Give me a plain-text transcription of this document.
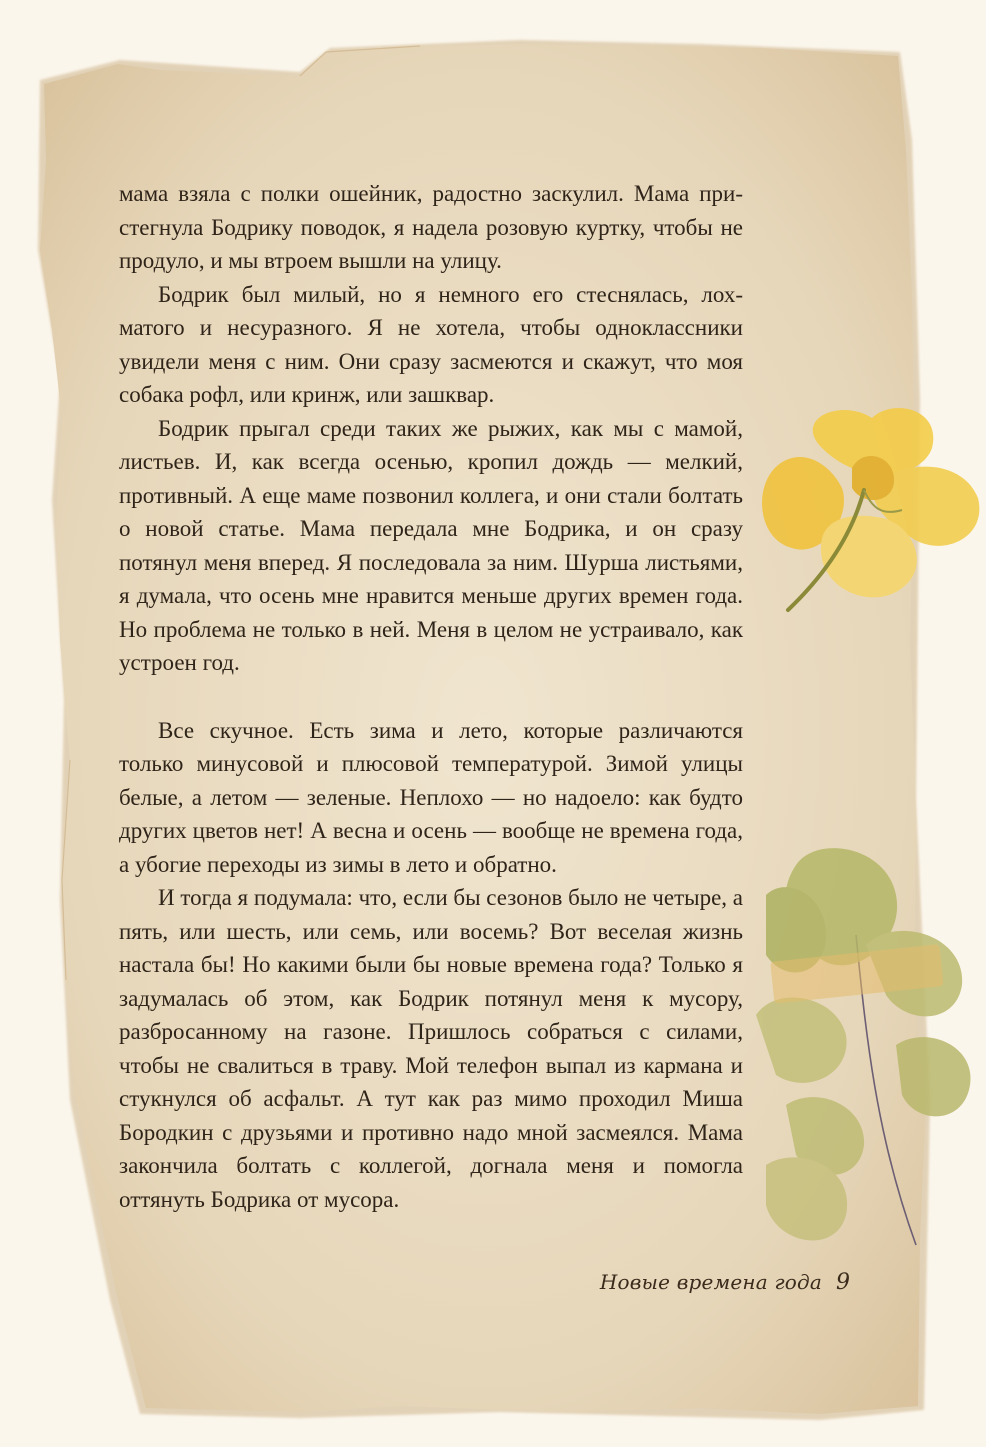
мама взяла с полки ошейник, радостно заскулил. Мама пристегнула Бодрику поводок, я надела розовую куртку, чтобы не продуло, и мы втроем вышли на улицу.

Бодрик был милый, но я немного его стеснялась, лохматого и несуразного. Я не хотела, чтобы одноклассники увидели меня с ним. Они сразу засмеются и скажут, что моя собака рофл, или кринж, или зашквар.

Бодрик прыгал среди таких же рыжих, как мы с мамой, листьев. И, как всегда осенью, кропил дождь — мелкий, противный. А еще маме позвонил коллега, и они стали болтать о новой статье. Мама передала мне Бодрика, и он сразу потянул меня вперед. Я последовала за ним. Шурша листьями, я думала, что осень мне нравится меньше других времен года. Но проблема не только в ней. Меня в целом не устраивало, как устроен год.

Все скучное. Есть зима и лето, которые различаются только минусовой и плюсовой температурой. Зимой улицы белые, а летом — зеленые. Неплохо — но надоело: как будто других цветов нет! А весна и осень — вообще не времена года, а убогие переходы из зимы в лето и обратно.

И тогда я подумала: что, если бы сезонов было не четыре, а пять, или шесть, или семь, или восемь? Вот веселая жизнь настала бы! Но какими были бы новые времена года? Только я задумалась об этом, как Бодрик потянул меня к мусору, разбросанному на газоне. Пришлось собраться с силами, чтобы не свалиться в траву. Мой телефон выпал из кармана и стукнулся об асфальт. А тут как раз мимо проходил Миша Бородкин с друзьями и противно надо мной засмеялся. Мама закончила болтать с коллегой, догнала меня и помогла оттянуть Бодрика от мусора.

Новые времена года 9
